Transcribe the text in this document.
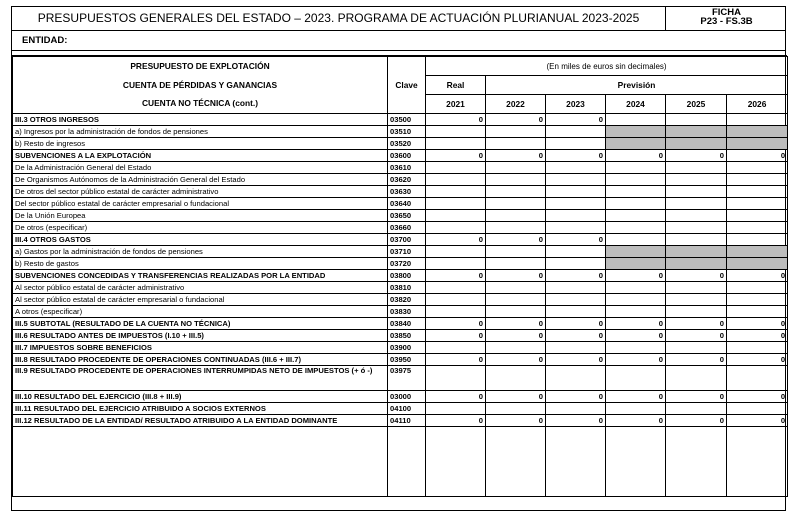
PRESUPUESTOS GENERALES DEL ESTADO – 2023. PROGRAMA DE ACTUACIÓN PLURIANUAL 2023-2025	FICHA
P23 - FS.3B
ENTIDAD:
PRESUPUESTO DE EXPLOTACIÓN	Clave	(En miles de euros sin decimales)					
CUENTA DE PÉRDIDAS Y GANANCIAS		Real	Previsión				
CUENTA NO TÉCNICA (cont.)		2021	2022	2023	2024	2025	2026
III.3 OTROS INGRESOS	03500	0	0	0			
a) Ingresos por la administración de fondos de pensiones	03510						
b) Resto de ingresos	03520						
SUBVENCIONES A LA EXPLOTACIÓN	03600	0	0	0	0	0	0
De la Administración General del Estado	03610						
De Organismos Autónomos de la Administración General del Estado	03620						
De otros del sector público estatal de carácter administrativo	03630						
Del sector público estatal de carácter empresarial o fundacional	03640						
De la Unión Europea	03650						
De otros (especificar)	03660						
III.4 OTROS GASTOS	03700	0	0	0			
a) Gastos por la administración de fondos de pensiones	03710						
b) Resto de gastos	03720						
SUBVENCIONES CONCEDIDAS Y TRANSFERENCIAS REALIZADAS POR LA ENTIDAD	03800	0	0	0	0	0	0
Al sector público estatal de carácter administrativo	03810						
Al sector público estatal de carácter empresarial o fundacional	03820						
A otros (especificar)	03830						
III.5 SUBTOTAL (RESULTADO DE LA CUENTA NO TÉCNICA)	03840	0	0	0	0	0	0
III.6 RESULTADO ANTES DE IMPUESTOS (I.10 + III.5)	03850	0	0	0	0	0	0
III.7 IMPUESTOS SOBRE BENEFICIOS	03900						
III.8 RESULTADO PROCEDENTE DE OPERACIONES CONTINUADAS (III.6 + III.7)	03950	0	0	0	0	0	0
III.9 RESULTADO PROCEDENTE DE OPERACIONES INTERRUMPIDAS NETO DE IMPUESTOS (+ ó -)	03975						
III.10 RESULTADO DEL EJERCICIO (III.8 + III.9)	03000	0	0	0	0	0	0
III.11 RESULTADO DEL EJERCICIO ATRIBUIDO A SOCIOS EXTERNOS	04100						
III.12 RESULTADO DE LA ENTIDAD/ RESULTADO ATRIBUIDO A LA ENTIDAD DOMINANTE	04110	0	0	0	0	0	0
